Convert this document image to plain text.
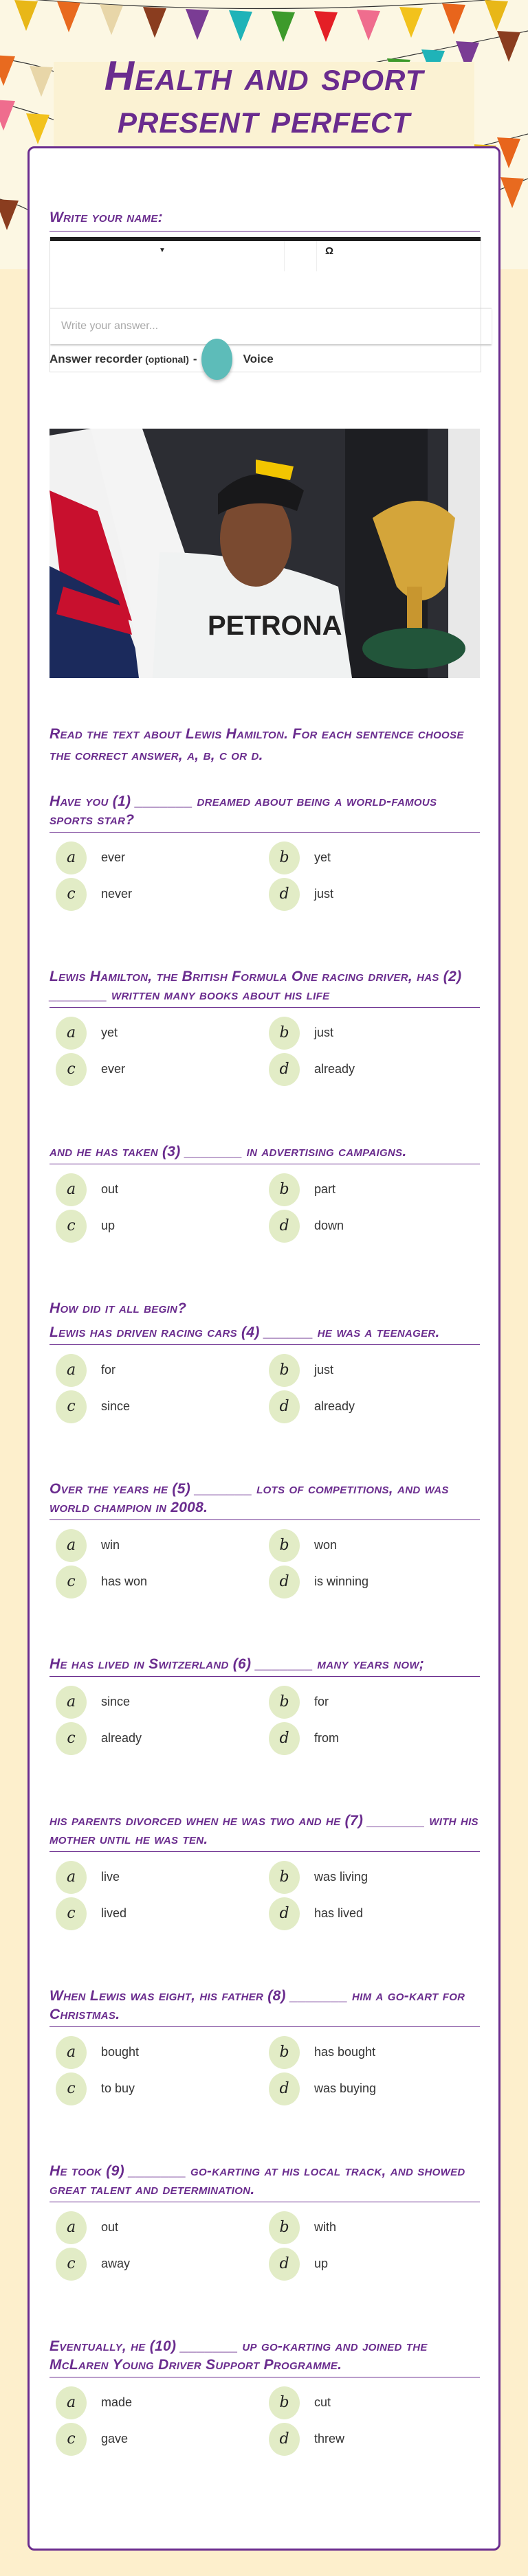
Health and sport
present perfect
Write your name:
▼	Ω
Write your answer...
Answer recorder (optional) -	Voice
PETRONA
Read the text about Lewis Hamilton. For each sentence choose the correct answer, a, b, c or d.
Have you (1) _______ dreamed about being a world-famous sports star?
a	ever	b	yet
c	never	d	just
Lewis Hamilton, the British Formula One racing driver, has (2) _______ written many books about his life
a	yet	b	just
c	ever	d	already
and he has taken (3) _______ in advertising campaigns.
a	out	b	part
c	up	d	down
How did it all begin?
Lewis has driven racing cars (4) ______ he was a teenager.
a	for	b	just
c	since	d	already
Over the years he (5) _______ lots of competitions, and was world champion in 2008.
a	win	b	won
c	has won	d	is winning
He has lived in Switzerland (6) _______ many years now;
a	since	b	for
c	already	d	from
his parents divorced when he was two and he (7) _______ with his mother until he was ten.
a	live	b	was living
c	lived	d	has lived
When Lewis was eight, his father (8) _______ him a go-kart for Christmas.
a	bought	b	has bought
c	to buy	d	was buying
He took (9) _______ go-karting at his local track, and showed great talent and determination.
a	out	b	with
c	away	d	up
Eventually, he (10) _______ up go-karting and joined the McLaren Young Driver Support Programme.
a	made	b	cut
c	gave	d	threw
